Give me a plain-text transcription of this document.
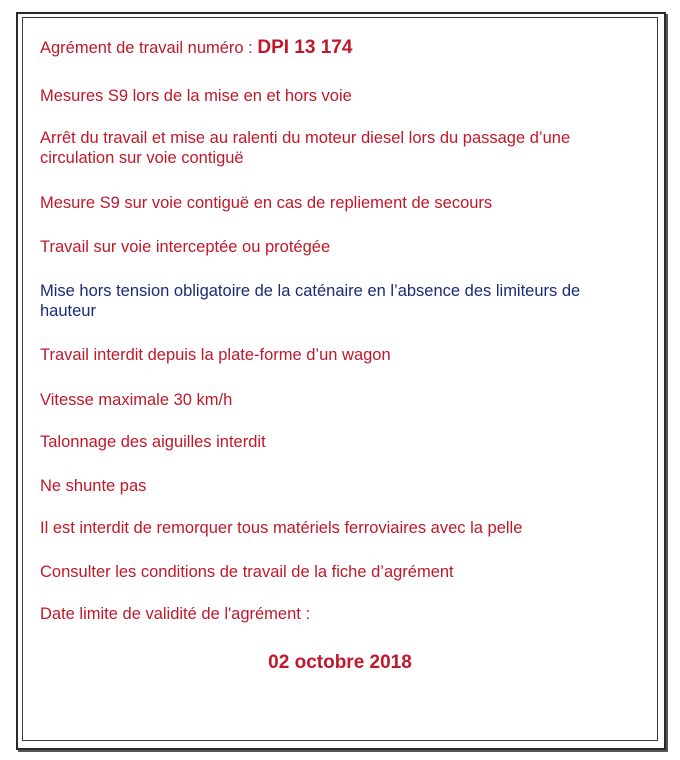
Agrément de travail numéro : DPI 13 174
Mesures S9 lors de la mise en et hors voie
Arrêt du travail et mise au ralenti du moteur diesel lors du passage d’une circulation sur voie contiguë
Mesure S9 sur voie contiguë en cas de repliement de secours
Travail sur voie interceptée ou protégée
Mise hors tension obligatoire de la caténaire en l’absence des limiteurs de hauteur
Travail interdit depuis la plate-forme d’un wagon
Vitesse maximale 30 km/h
Talonnage des aiguilles interdit
Ne shunte pas
Il est interdit de remorquer tous matériels ferroviaires avec la pelle
Consulter les conditions de travail de la fiche d’agrément
Date limite de validité de l'agrément :
02 octobre 2018
